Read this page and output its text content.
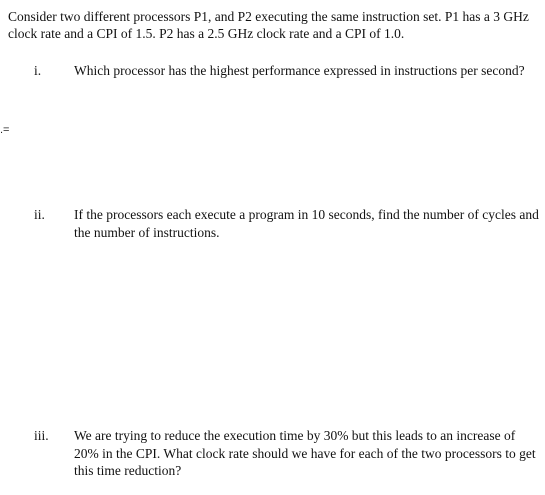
Consider two different processors P1, and P2 executing the same instruction set. P1 has a 3 GHz clock rate and a CPI of 1.5. P2 has a 2.5 GHz clock rate and a CPI of 1.0.
.=
i.	Which processor has the highest performance expressed in instructions per second?
ii.	If the processors each execute a program in 10 seconds, find the number of cycles and the number of instructions.
iii.	We are trying to reduce the execution time by 30% but this leads to an increase of 20% in the CPI. What clock rate should we have for each of the two processors to get this time reduction?
